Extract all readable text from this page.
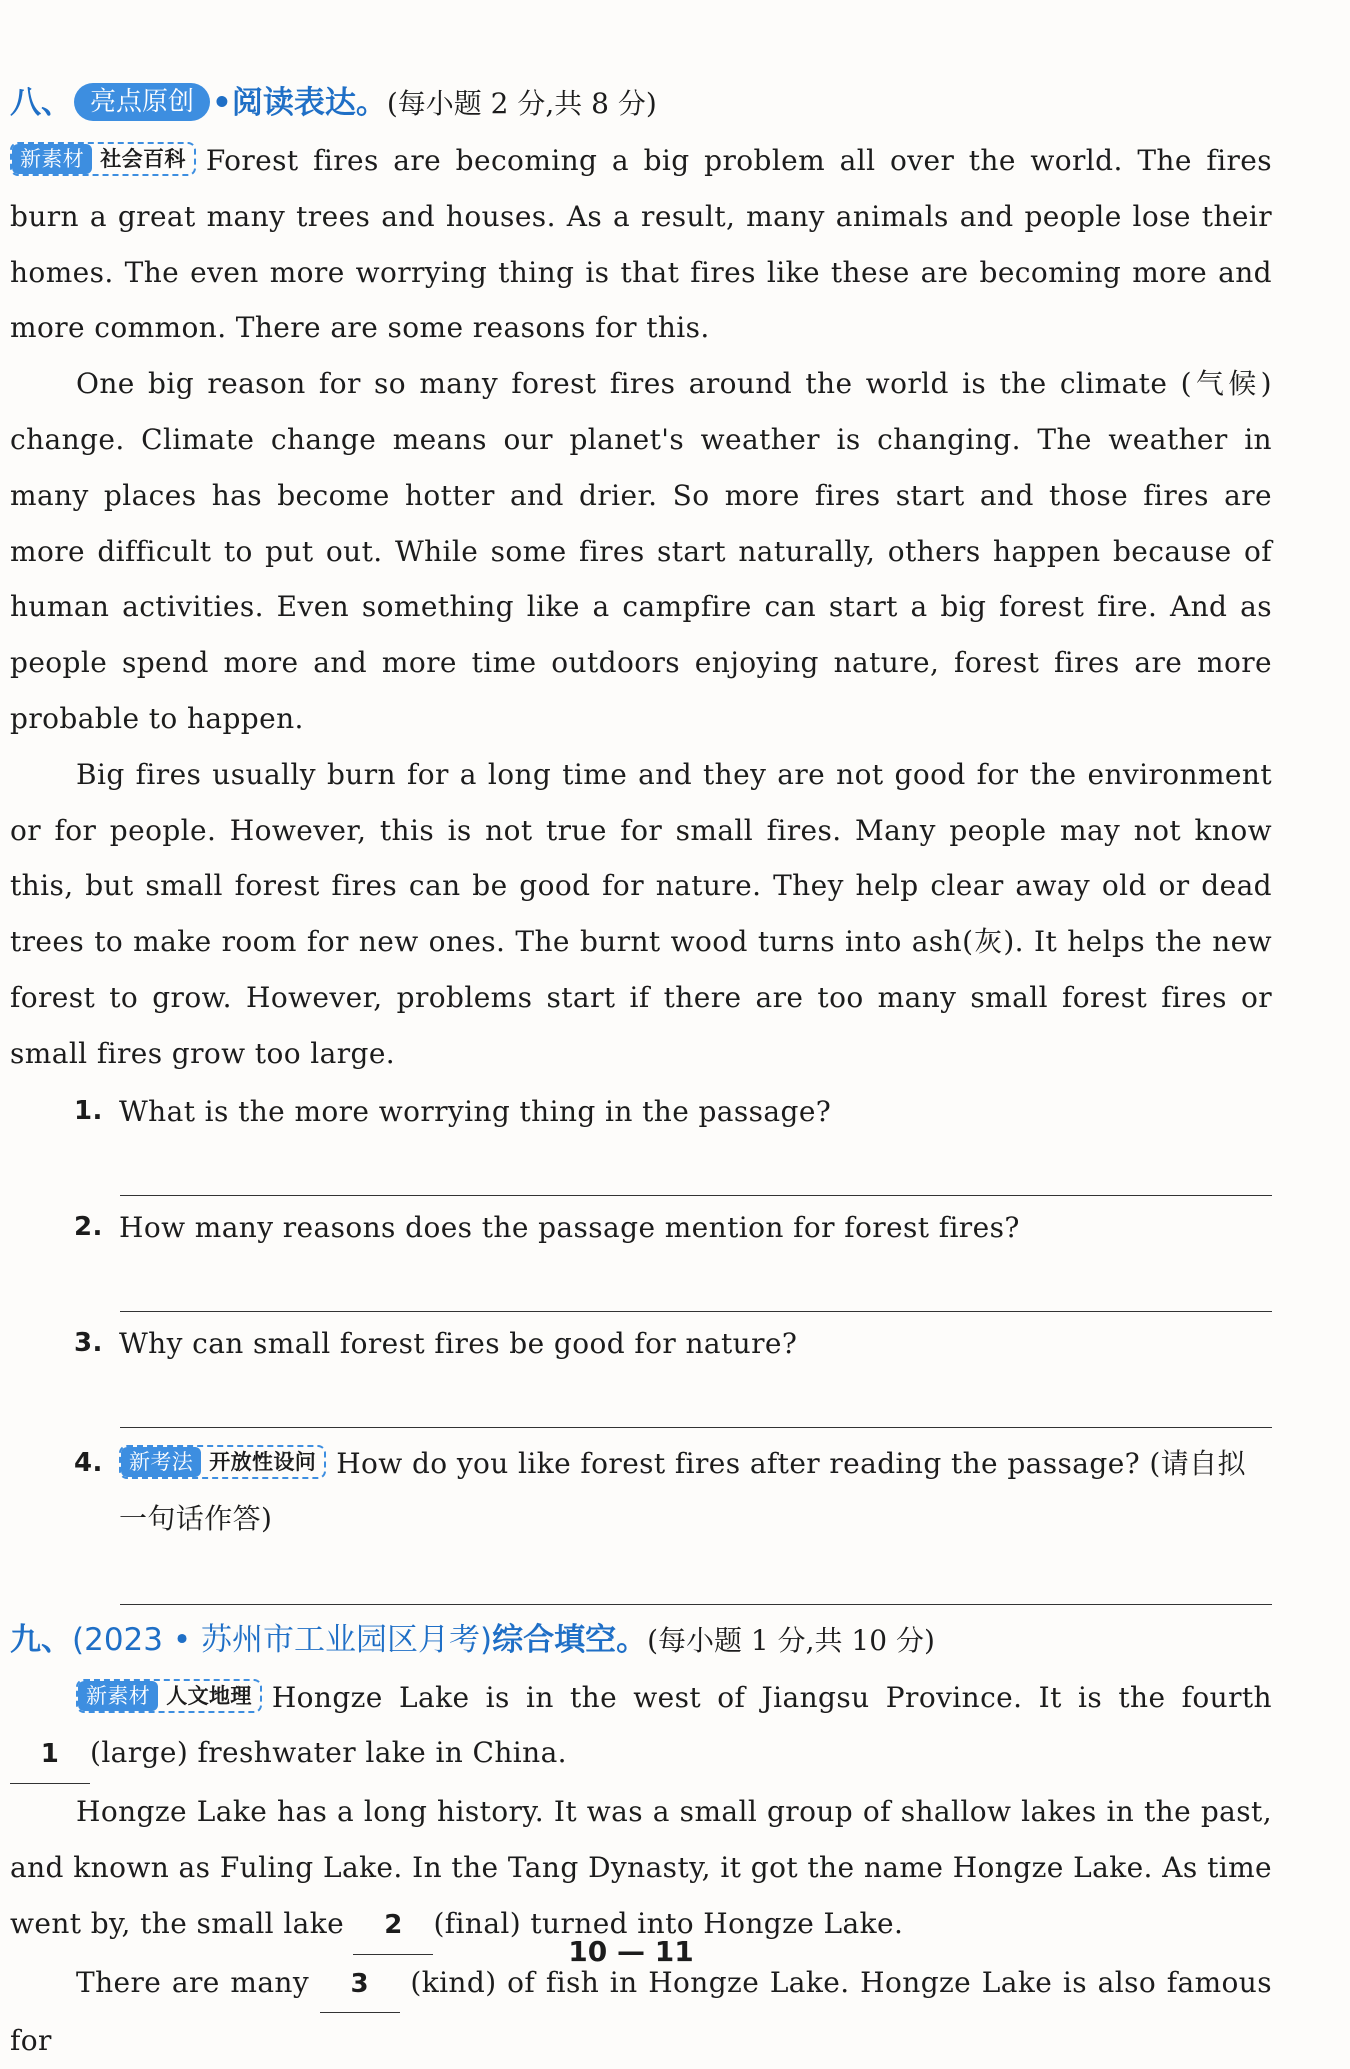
八、 亮点原创 •阅读表达。(每小题 2 分,共 8 分)

新素材 社会百科 Forest fires are becoming a big problem all over the world. The fires burn a great many trees and houses. As a result, many animals and people lose their homes. The even more worrying thing is that fires like these are becoming more and more common. There are some reasons for this.

One big reason for so many forest fires around the world is the climate (气候) change. Climate change means our planet's weather is changing. The weather in many places has become hotter and drier. So more fires start and those fires are more difficult to put out. While some fires start naturally, others happen because of human activities. Even something like a campfire can start a big forest fire. And as people spend more and more time outdoors enjoying nature, forest fires are more probable to happen.

Big fires usually burn for a long time and they are not good for the environment or for people. However, this is not true for small fires. Many people may not know this, but small forest fires can be good for nature. They help clear away old or dead trees to make room for new ones. The burnt wood turns into ash(灰). It helps the new forest to grow. However, problems start if there are too many small forest fires or small fires grow too large.

1. What is the more worrying thing in the passage?
2. How many reasons does the passage mention for forest fires?
3. Why can small forest fires be good for nature?
4.	新考法 开放性设问 How do you like forest fires after reading the passage? (请自拟一句话作答)
九、(2023 • 苏州市工业园区月考)综合填空。(每小题 1 分,共 10 分)

新素材 人文地理 Hongze Lake is in the west of Jiangsu Province. It is the fourth 1 (large) freshwater lake in China.

Hongze Lake has a long history. It was a small group of shallow lakes in the past, and known as Fuling Lake. In the Tang Dynasty, it got the name Hongze Lake. As time went by, the small lake 2 (final) turned into Hongze Lake.

There are many 3 (kind) of fish in Hongze Lake. Hongze Lake is also famous for

10 — 11
